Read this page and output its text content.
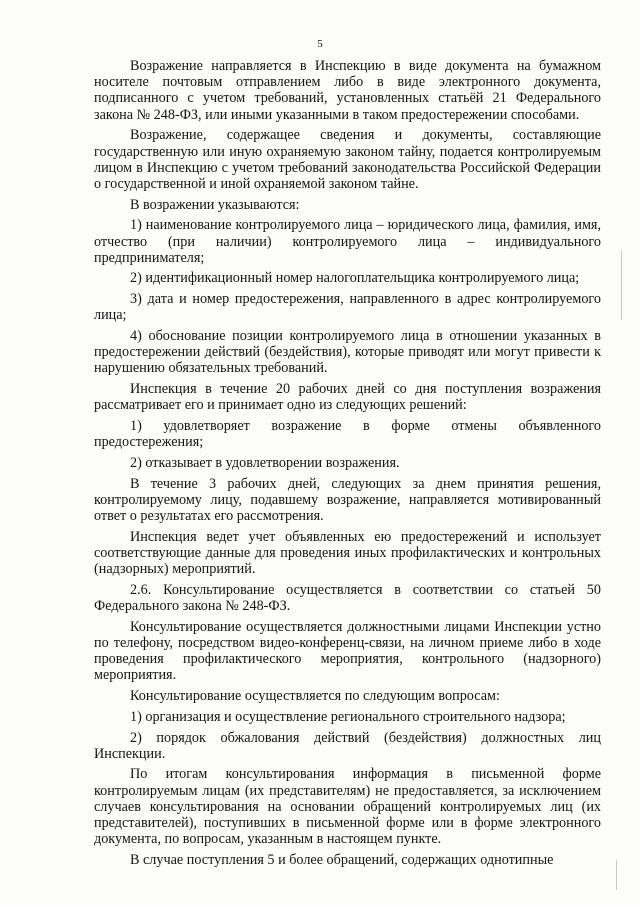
5

Возражение направляется в Инспекцию в виде документа на бумажном носителе почтовым отправлением либо в виде электронного документа, подписанного с учетом требований, установленных статьёй 21 Федерального закона № 248-ФЗ, или иными указанными в таком предостережении способами.

Возражение, содержащее сведения и документы, составляющие государственную или иную охраняемую законом тайну, подается контролируемым лицом в Инспекцию с учетом требований законодательства Российской Федерации о государственной и иной охраняемой законом тайне.

В возражении указываются:

1) наименование контролируемого лица – юридического лица, фамилия, имя, отчество (при наличии) контролируемого лица – индивидуального предпринимателя;

2) идентификационный номер налогоплательщика контролируемого лица;

3) дата и номер предостережения, направленного в адрес контролируемого лица;

4) обоснование позиции контролируемого лица в отношении указанных в предостережении действий (бездействия), которые приводят или могут привести к нарушению обязательных требований.

Инспекция в течение 20 рабочих дней со дня поступления возражения рассматривает его и принимает одно из следующих решений:

1) удовлетворяет возражение в форме отмены объявленного предостережения;

2) отказывает в удовлетворении возражения.

В течение 3 рабочих дней, следующих за днем принятия решения, контролируемому лицу, подавшему возражение, направляется мотивированный ответ о результатах его рассмотрения.

Инспекция ведет учет объявленных ею предостережений и использует соответствующие данные для проведения иных профилактических и контрольных (надзорных) мероприятий.

2.6. Консультирование осуществляется в соответствии со статьей 50 Федерального закона № 248-ФЗ.

Консультирование осуществляется должностными лицами Инспекции устно по телефону, посредством видео-конференц-связи, на личном приеме либо в ходе проведения профилактического мероприятия, контрольного (надзорного) мероприятия.

Консультирование осуществляется по следующим вопросам:

1) организация и осуществление регионального строительного надзора;

2) порядок обжалования действий (бездействия) должностных лиц Инспекции.

По итогам консультирования информация в письменной форме контролируемым лицам (их представителям) не предоставляется, за исключением случаев консультирования на основании обращений контролируемых лиц (их представителей), поступивших в письменной форме или в форме электронного документа, по вопросам, указанным в настоящем пункте.

В случае поступления 5 и более обращений, содержащих однотипные
